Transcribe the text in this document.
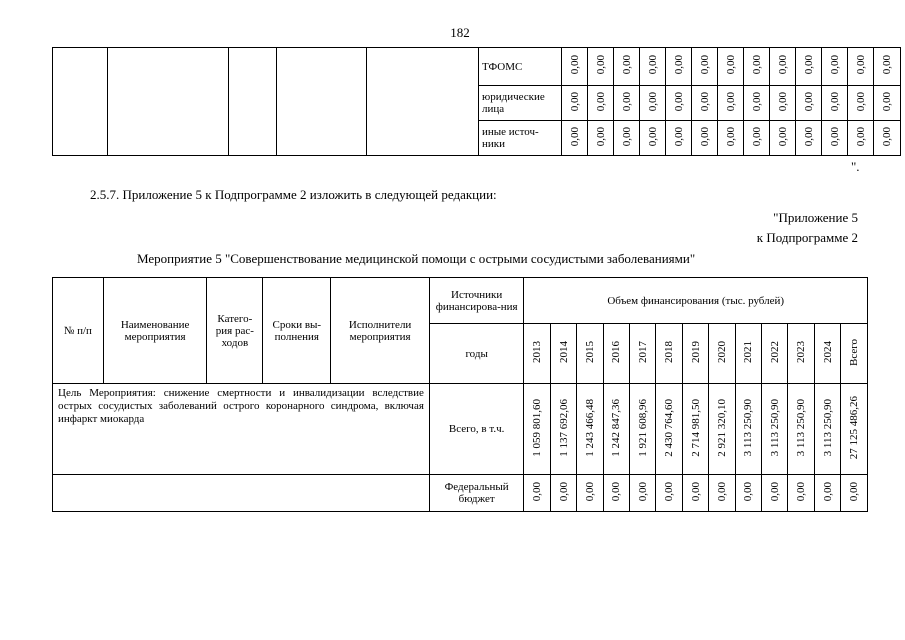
182
					ТФОМС	0,00	0,00	0,00	0,00	0,00	0,00	0,00	0,00	0,00	0,00	0,00	0,00	0,00
					юридические лица	0,00	0,00	0,00	0,00	0,00	0,00	0,00	0,00	0,00	0,00	0,00	0,00	0,00
					иные источ-ники	0,00	0,00	0,00	0,00	0,00	0,00	0,00	0,00	0,00	0,00	0,00	0,00	0,00
".
2.5.7. Приложение 5 к Подпрограмме 2 изложить в следующей редакции:
"Приложение 5
к Подпрограмме 2
Мероприятие 5 "Совершенствование медицинской помощи с острыми сосудистыми заболеваниями"
№ п/п	Наименование мероприятия	Катего-рия рас-ходов	Сроки вы-полнения	Исполнители мероприятия	Источники финансирова-ния	Объем финансирования (тыс. рублей)												
					годы	2013	2014	2015	2016	2017	2018	2019	2020	2021	2022	2023	2024	Всего
Цель Мероприятия: снижение смертности и инвалидизации вследствие острых сосудистых заболеваний острого коронарного синдрома, включая инфаркт миокарда					Всего, в т.ч.	1 059 801,60	1 137 692,06	1 243 466,48	1 242 847,36	1 921 608,96	2 430 764,60	2 714 981,50	2 921 320,10	3 113 250,90	3 113 250,90	3 113 250,90	3 113 250,90	27 125 486,26
					Федеральный бюджет	0,00	0,00	0,00	0,00	0,00	0,00	0,00	0,00	0,00	0,00	0,00	0,00	0,00
